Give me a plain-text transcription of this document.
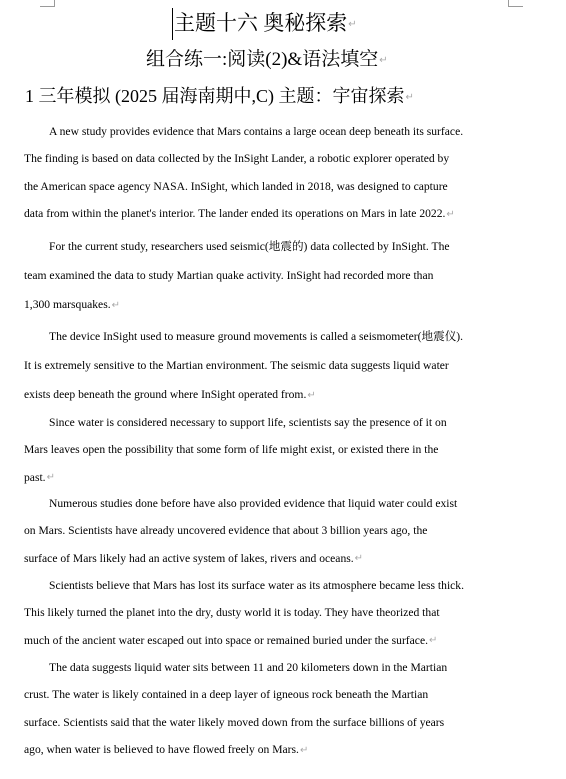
主题十六 奥秘探索↵
组合练一:阅读(2)&语法填空↵
1 三年模拟 (2025 届海南期中,C) 主题：宇宙探索↵
A new study provides evidence that Mars contains a large ocean deep beneath its surface.
The finding is based on data collected by the InSight Lander, a robotic explorer operated by
the American space agency NASA. InSight, which landed in 2018, was designed to capture
data from within the planet's interior. The lander ended its operations on Mars in late 2022.↵
For the current study, researchers used seismic(地震的) data collected by InSight. The
team examined the data to study Martian quake activity. InSight had recorded more than
1,300 marsquakes.↵
The device InSight used to measure ground movements is called a seismometer(地震仪).
It is extremely sensitive to the Martian environment. The seismic data suggests liquid water
exists deep beneath the ground where InSight operated from.↵
Since water is considered necessary to support life, scientists say the presence of it on
Mars leaves open the possibility that some form of life might exist, or existed there in the
past.↵
Numerous studies done before have also provided evidence that liquid water could exist
on Mars. Scientists have already uncovered evidence that about 3 billion years ago, the
surface of Mars likely had an active system of lakes, rivers and oceans.↵
Scientists believe that Mars has lost its surface water as its atmosphere became less thick.
This likely turned the planet into the dry, dusty world it is today. They have theorized that
much of the ancient water escaped out into space or remained buried under the surface.↵
The data suggests liquid water sits between 11 and 20 kilometers down in the Martian
crust. The water is likely contained in a deep layer of igneous rock beneath the Martian
surface. Scientists said that the water likely moved down from the surface billions of years
ago, when water is believed to have flowed freely on Mars.↵
